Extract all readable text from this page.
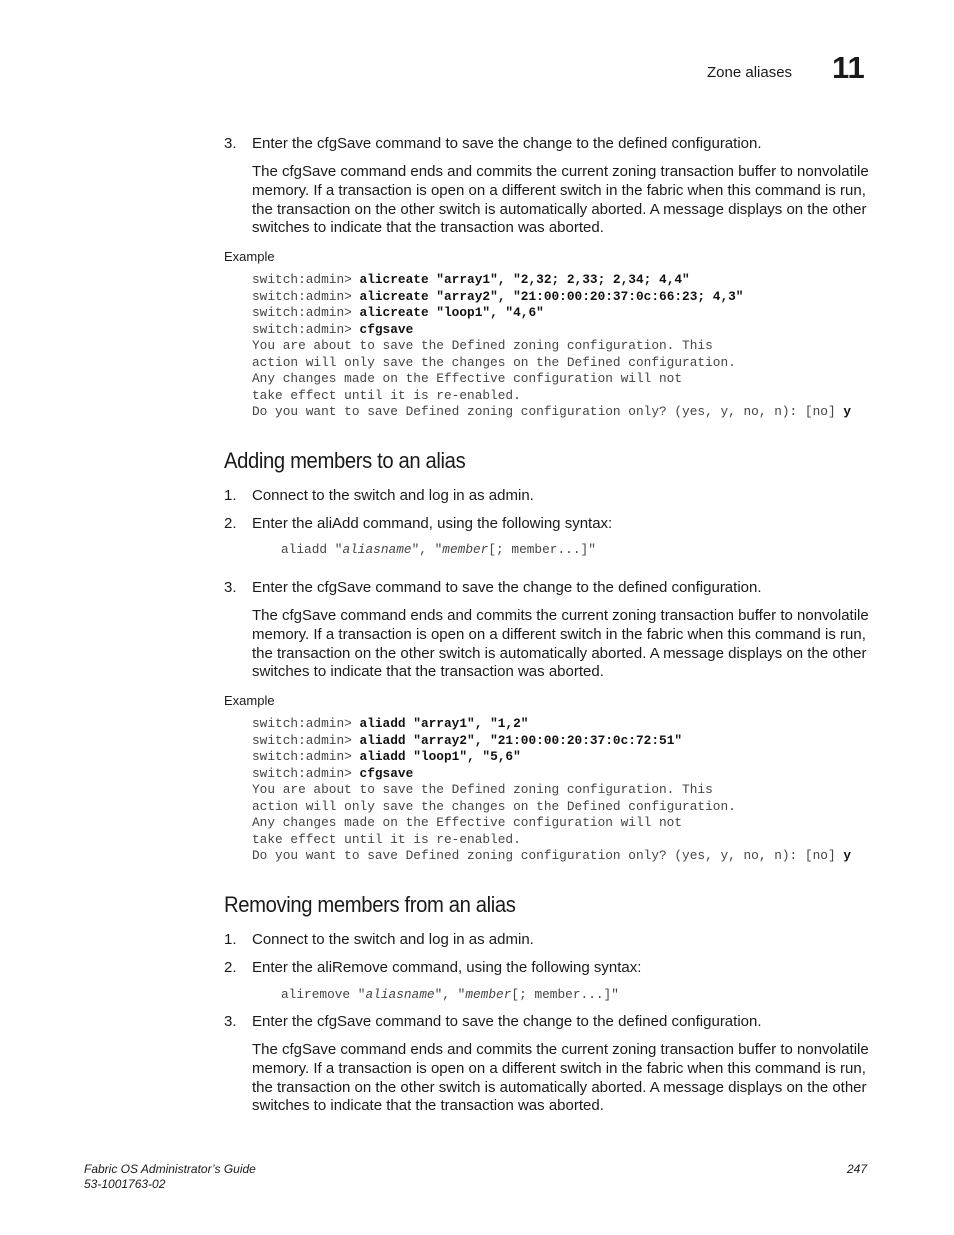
Zone aliases 11
3. Enter the cfgSave command to save the change to the defined configuration.
The cfgSave command ends and commits the current zoning transaction buffer to nonvolatile memory. If a transaction is open on a different switch in the fabric when this command is run, the transaction on the other switch is automatically aborted. A message displays on the other switches to indicate that the transaction was aborted.
Example
switch:admin> alicreate "array1", "2,32; 2,33; 2,34; 4,4"
switch:admin> alicreate "array2", "21:00:00:20:37:0c:66:23; 4,3"
switch:admin> alicreate "loop1", "4,6"
switch:admin> cfgsave
You are about to save the Defined zoning configuration. This
action will only save the changes on the Defined configuration.
Any changes made on the Effective configuration will not
take effect until it is re-enabled.
Do you want to save Defined zoning configuration only? (yes, y, no, n): [no] y
Adding members to an alias
1. Connect to the switch and log in as admin.
2. Enter the aliAdd command, using the following syntax:
aliadd "aliasname", "member[; member...]"
3. Enter the cfgSave command to save the change to the defined configuration.
The cfgSave command ends and commits the current zoning transaction buffer to nonvolatile memory. If a transaction is open on a different switch in the fabric when this command is run, the transaction on the other switch is automatically aborted. A message displays on the other switches to indicate that the transaction was aborted.
Example
switch:admin> aliadd "array1", "1,2"
switch:admin> aliadd "array2", "21:00:00:20:37:0c:72:51"
switch:admin> aliadd "loop1", "5,6"
switch:admin> cfgsave
You are about to save the Defined zoning configuration. This
action will only save the changes on the Defined configuration.
Any changes made on the Effective configuration will not
take effect until it is re-enabled.
Do you want to save Defined zoning configuration only? (yes, y, no, n): [no] y
Removing members from an alias
1. Connect to the switch and log in as admin.
2. Enter the aliRemove command, using the following syntax:
aliremove "aliasname", "member[; member...]"
3. Enter the cfgSave command to save the change to the defined configuration.
The cfgSave command ends and commits the current zoning transaction buffer to nonvolatile memory. If a transaction is open on a different switch in the fabric when this command is run, the transaction on the other switch is automatically aborted. A message displays on the other switches to indicate that the transaction was aborted.
Fabric OS Administrator’s Guide
53-1001763-02
247
